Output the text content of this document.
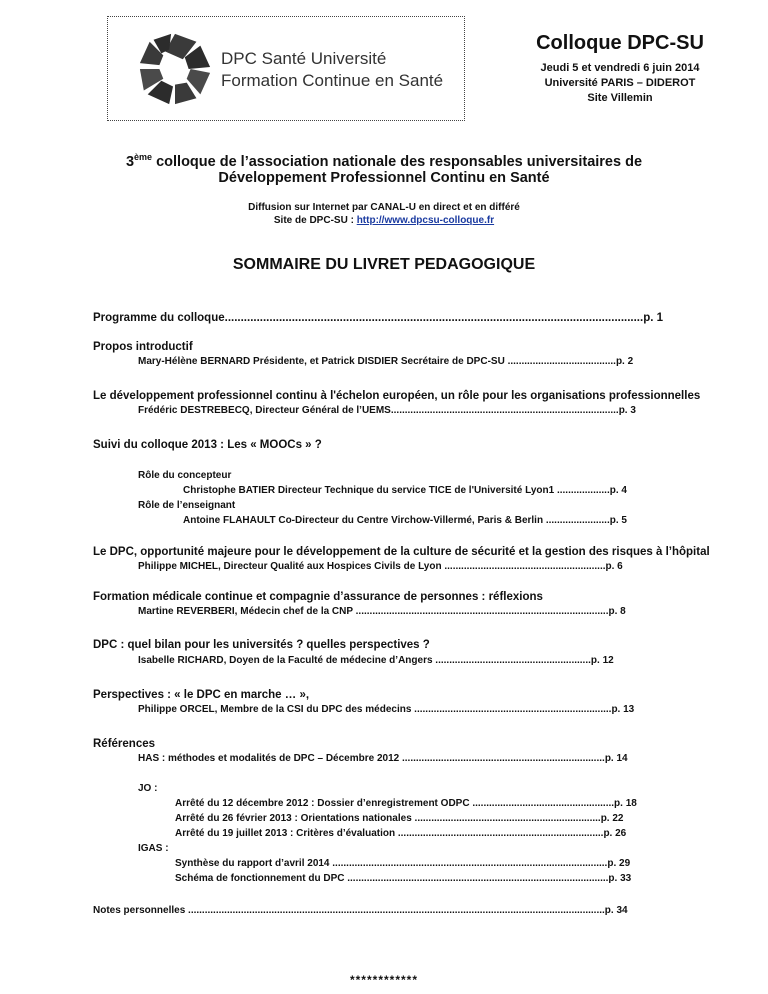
DPC Santé Université
Formation Continue en Santé
Colloque DPC-SU
Jeudi 5 et vendredi 6 juin 2014
Université PARIS – DIDEROT
Site Villemin
3ème colloque de l’association nationale des responsables universitaires de
Développement Professionnel Continu en Santé
Diffusion sur Internet par CANAL-U en direct et en différé
Site de DPC-SU : http://www.dpcsu-colloque.fr
SOMMAIRE DU LIVRET PEDAGOGIQUE
Programme du colloque...................................................................................................................................p. 1
Propos introductif
Mary-Hélène BERNARD Présidente, et Patrick DISDIER Secrétaire de DPC-SU .......................................p. 2
Le développement professionnel continu à l'échelon européen, un rôle pour les organisations professionnelles
Frédéric DESTREBECQ, Directeur Général de l’UEMS..................................................................................p. 3
Suivi du colloque 2013 : Les « MOOCs » ?
Rôle du concepteur
Christophe BATIER Directeur Technique du service TICE de l'Université Lyon1 ...................p. 4
Rôle de l’enseignant
Antoine FLAHAULT Co-Directeur du Centre Virchow-Villermé, Paris & Berlin .......................p. 5
Le DPC, opportunité majeure pour le développement de la culture de sécurité et la gestion des risques à l’hôpital
Philippe MICHEL, Directeur Qualité aux Hospices Civils de Lyon ..........................................................p. 6
Formation médicale continue et compagnie d’assurance de personnes : réflexions
Martine REVERBERI, Médecin chef de la CNP ...........................................................................................p. 8
DPC : quel bilan pour les universités ? quelles perspectives ?
Isabelle RICHARD, Doyen de la Faculté de médecine d’Angers ........................................................p. 12
Perspectives : « le DPC en marche … »,
Philippe ORCEL, Membre de la CSI du DPC des médecins .......................................................................p. 13
Références
HAS : méthodes et modalités de DPC – Décembre 2012 .........................................................................p. 14
JO :
Arrêté du 12 décembre 2012 : Dossier d’enregistrement ODPC ...................................................p. 18
Arrêté du 26 février 2013 : Orientations nationales ...................................................................p. 22
Arrêté du 19 juillet 2013 : Critères d’évaluation ..........................................................................p. 26
IGAS :
Synthèse du rapport d’avril 2014 ...................................................................................................p. 29
Schéma de fonctionnement du DPC ..............................................................................................p. 33
Notes personnelles ......................................................................................................................................................p. 34
************
